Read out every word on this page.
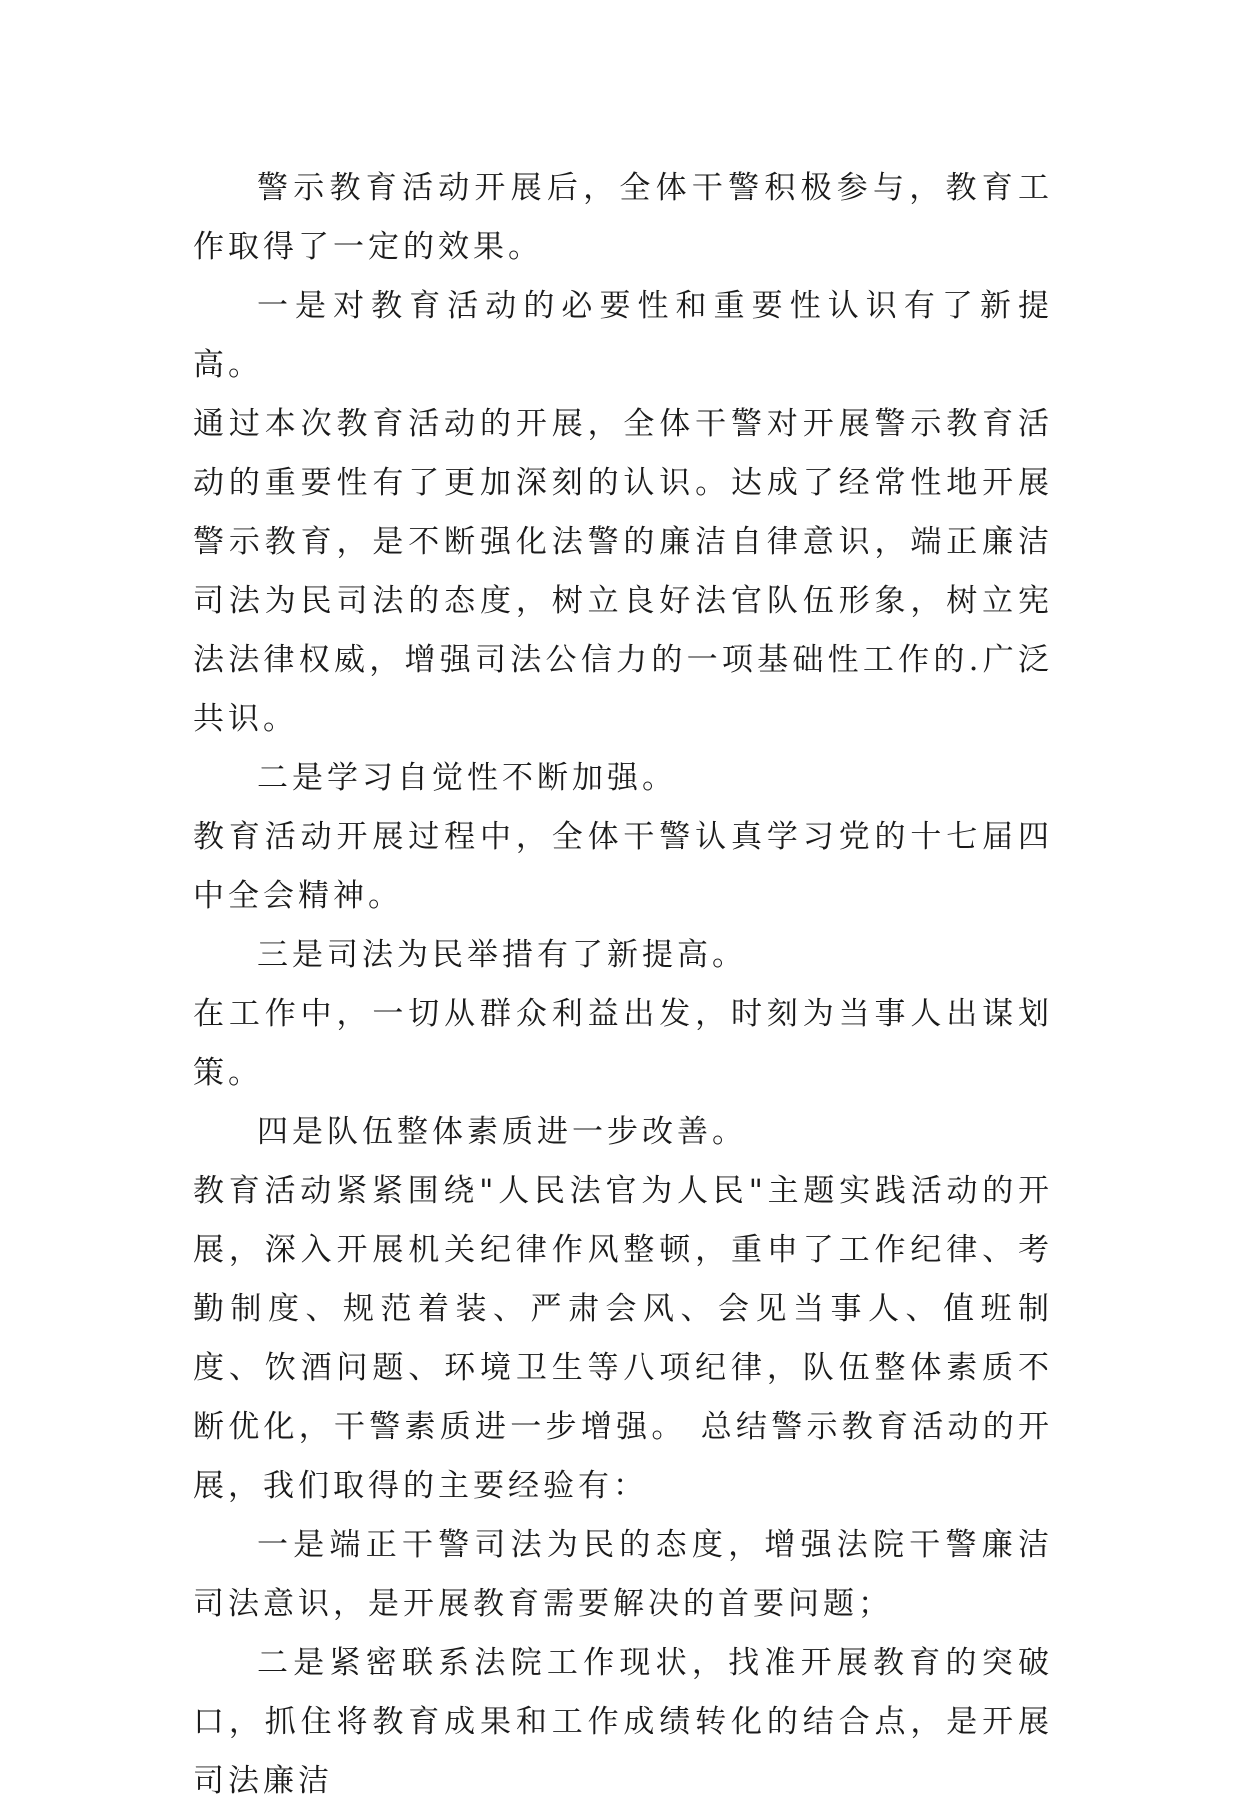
警示教育活动开展后，全体干警积极参与，教育工作取得了一定的效果。

一是对教育活动的必要性和重要性认识有了新提高。

通过本次教育活动的开展，全体干警对开展警示教育活动的重要性有了更加深刻的认识。达成了经常性地开展警示教育，是不断强化法警的廉洁自律意识，端正廉洁司法为民司法的态度，树立良好法官队伍形象，树立宪法法律权威，增强司法公信力的一项基础性工作的.广泛共识。

二是学习自觉性不断加强。

教育活动开展过程中，全体干警认真学习党的十七届四中全会精神。

三是司法为民举措有了新提高。

在工作中，一切从群众利益出发，时刻为当事人出谋划策。

四是队伍整体素质进一步改善。

教育活动紧紧围绕"人民法官为人民"主题实践活动的开展，深入开展机关纪律作风整顿，重申了工作纪律、考勤制度、规范着装、严肃会风、会见当事人、值班制度、饮酒问题、环境卫生等八项纪律，队伍整体素质不断优化，干警素质进一步增强。 总结警示教育活动的开展，我们取得的主要经验有：

一是端正干警司法为民的态度，增强法院干警廉洁司法意识，是开展教育需要解决的首要问题；

二是紧密联系法院工作现状，找准开展教育的突破口，抓住将教育成果和工作成绩转化的结合点，是开展司法廉洁
